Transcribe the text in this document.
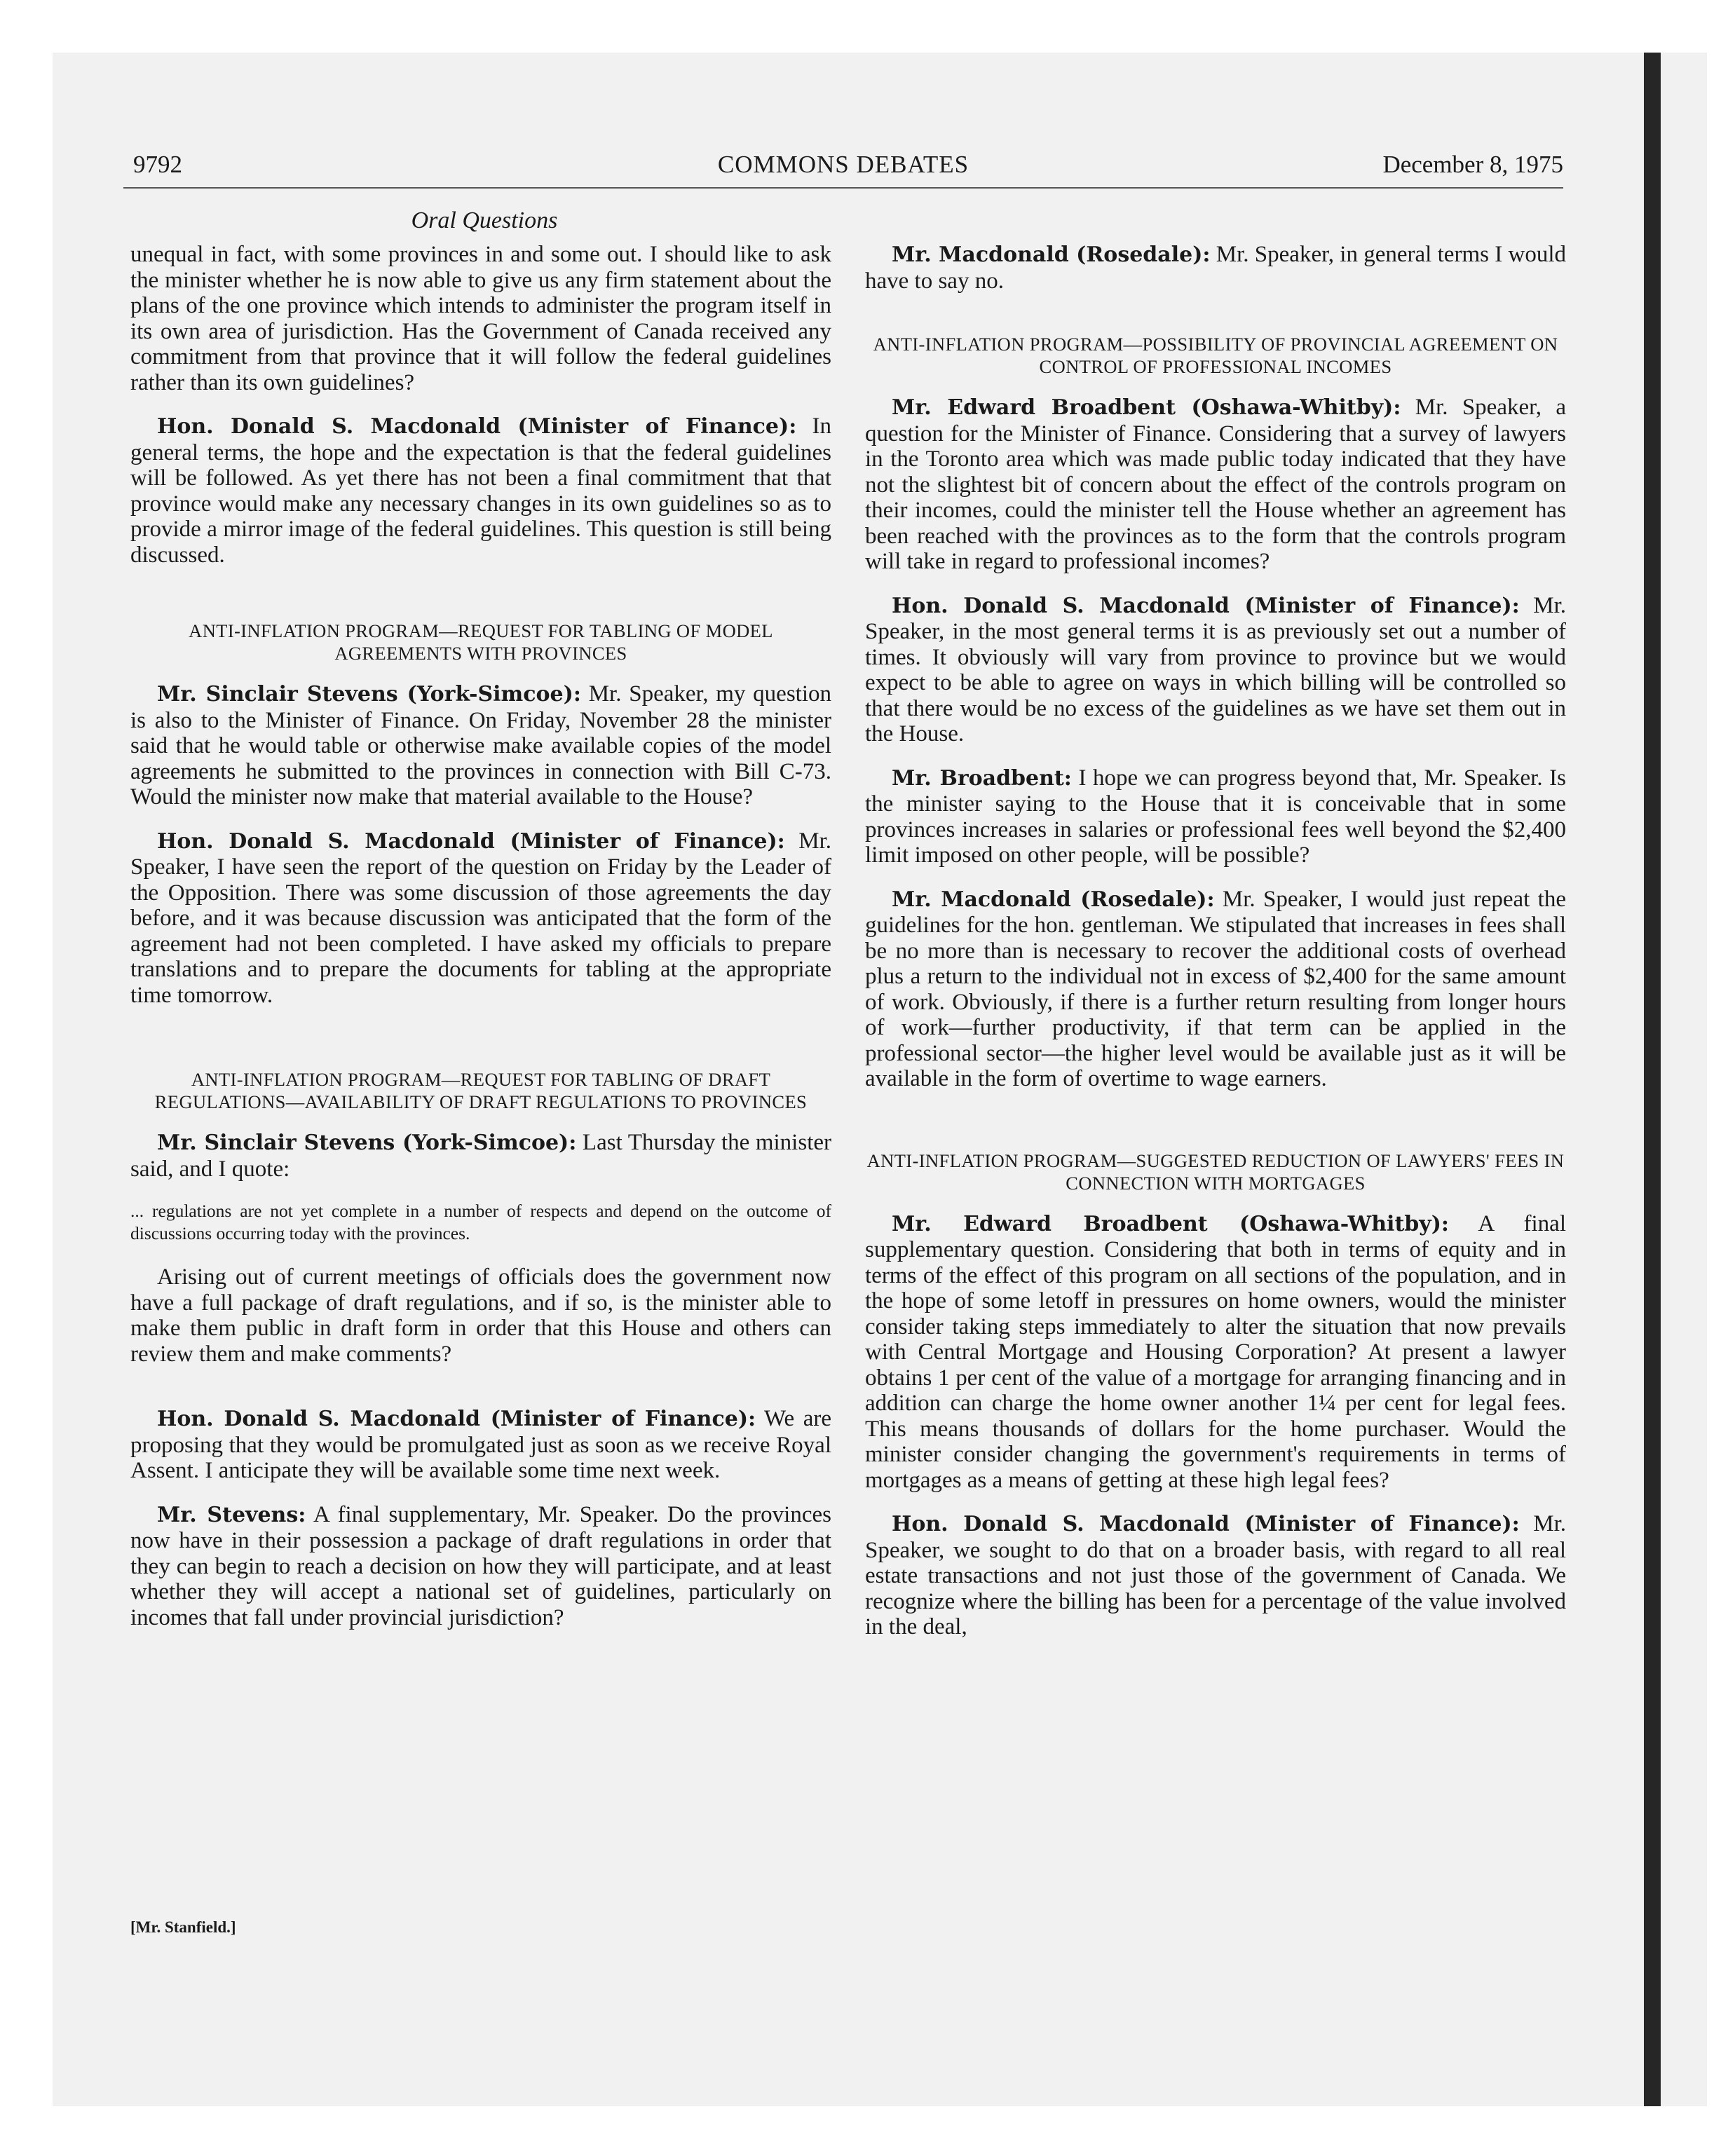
9792	COMMONS DEBATES	December 8, 1975
Oral Questions

unequal in fact, with some provinces in and some out. I should like to ask the minister whether he is now able to give us any firm statement about the plans of the one province which intends to administer the program itself in its own area of jurisdiction. Has the Government of Canada received any commitment from that province that it will follow the federal guidelines rather than its own guidelines?

Hon. Donald S. Macdonald (Minister of Finance): In general terms, the hope and the expectation is that the federal guidelines will be followed. As yet there has not been a final commitment that that province would make any necessary changes in its own guidelines so as to provide a mirror image of the federal guidelines. This question is still being discussed.

ANTI-INFLATION PROGRAM—REQUEST FOR TABLING OF MODEL AGREEMENTS WITH PROVINCES

Mr. Sinclair Stevens (York-Simcoe): Mr. Speaker, my question is also to the Minister of Finance. On Friday, November 28 the minister said that he would table or otherwise make available copies of the model agreements he submitted to the provinces in connection with Bill C-73. Would the minister now make that material available to the House?

Hon. Donald S. Macdonald (Minister of Finance): Mr. Speaker, I have seen the report of the question on Friday by the Leader of the Opposition. There was some discussion of those agreements the day before, and it was because discussion was anticipated that the form of the agreement had not been completed. I have asked my officials to prepare translations and to prepare the documents for tabling at the appropriate time tomorrow.

ANTI-INFLATION PROGRAM—REQUEST FOR TABLING OF DRAFT REGULATIONS—AVAILABILITY OF DRAFT REGULATIONS TO PROVINCES

Mr. Sinclair Stevens (York-Simcoe): Last Thursday the minister said, and I quote:

... regulations are not yet complete in a number of respects and depend on the outcome of discussions occurring today with the provinces.

Arising out of current meetings of officials does the government now have a full package of draft regulations, and if so, is the minister able to make them public in draft form in order that this House and others can review them and make comments?

Hon. Donald S. Macdonald (Minister of Finance): We are proposing that they would be promulgated just as soon as we receive Royal Assent. I anticipate they will be available some time next week.

Mr. Stevens: A final supplementary, Mr. Speaker. Do the provinces now have in their possession a package of draft regulations in order that they can begin to reach a decision on how they will participate, and at least whether they will accept a national set of guidelines, particularly on incomes that fall under provincial jurisdiction?

Mr. Macdonald (Rosedale): Mr. Speaker, in general terms I would have to say no.

ANTI-INFLATION PROGRAM—POSSIBILITY OF PROVINCIAL AGREEMENT ON CONTROL OF PROFESSIONAL INCOMES

Mr. Edward Broadbent (Oshawa-Whitby): Mr. Speaker, a question for the Minister of Finance. Considering that a survey of lawyers in the Toronto area which was made public today indicated that they have not the slightest bit of concern about the effect of the controls program on their incomes, could the minister tell the House whether an agreement has been reached with the provinces as to the form that the controls program will take in regard to professional incomes?

Hon. Donald S. Macdonald (Minister of Finance): Mr. Speaker, in the most general terms it is as previously set out a number of times. It obviously will vary from province to province but we would expect to be able to agree on ways in which billing will be controlled so that there would be no excess of the guidelines as we have set them out in the House.

Mr. Broadbent: I hope we can progress beyond that, Mr. Speaker. Is the minister saying to the House that it is conceivable that in some provinces increases in salaries or professional fees well beyond the $2,400 limit imposed on other people, will be possible?

Mr. Macdonald (Rosedale): Mr. Speaker, I would just repeat the guidelines for the hon. gentleman. We stipulated that increases in fees shall be no more than is necessary to recover the additional costs of overhead plus a return to the individual not in excess of $2,400 for the same amount of work. Obviously, if there is a further return resulting from longer hours of work—further productivity, if that term can be applied in the professional sector—the higher level would be available just as it will be available in the form of overtime to wage earners.

ANTI-INFLATION PROGRAM—SUGGESTED REDUCTION OF LAWYERS' FEES IN CONNECTION WITH MORTGAGES

Mr. Edward Broadbent (Oshawa-Whitby): A final supplementary question. Considering that both in terms of equity and in terms of the effect of this program on all sections of the population, and in the hope of some letoff in pressures on home owners, would the minister consider taking steps immediately to alter the situation that now prevails with Central Mortgage and Housing Corporation? At present a lawyer obtains 1 per cent of the value of a mortgage for arranging financing and in addition can charge the home owner another 1¼ per cent for legal fees. This means thousands of dollars for the home purchaser. Would the minister consider changing the government's requirements in terms of mortgages as a means of getting at these high legal fees?

Hon. Donald S. Macdonald (Minister of Finance): Mr. Speaker, we sought to do that on a broader basis, with regard to all real estate transactions and not just those of the government of Canada. We recognize where the billing has been for a percentage of the value involved in the deal,

[Mr. Stanfield.]
